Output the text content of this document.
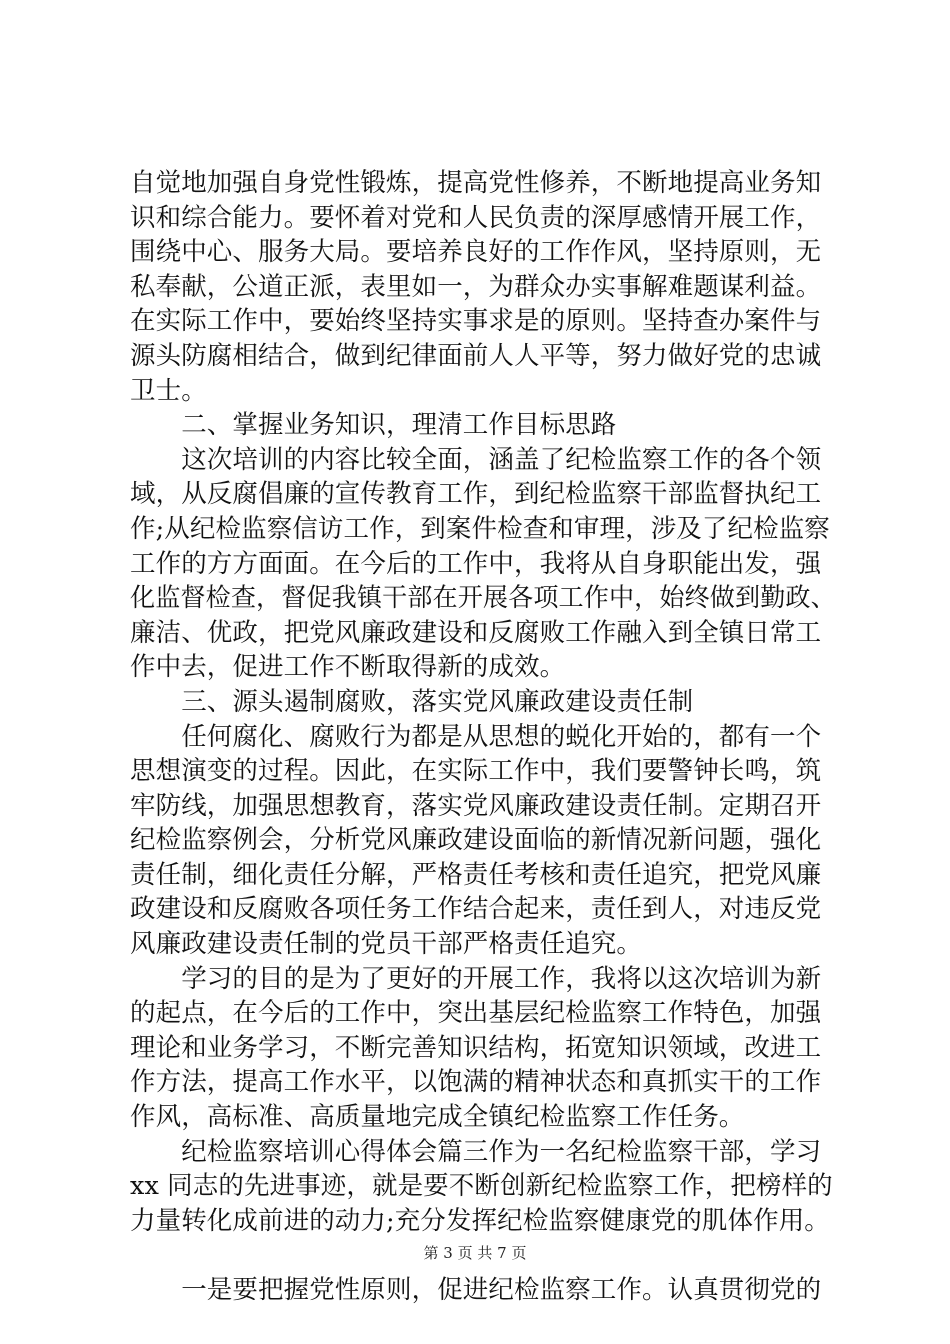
自觉地加强自身党性锻炼，提高党性修养，不断地提高业务知
识和综合能力。要怀着对党和人民负责的深厚感情开展工作，
围绕中心、服务大局。要培养良好的工作作风，坚持原则，无
私奉献，公道正派，表里如一，为群众办实事解难题谋利益。
在实际工作中，要始终坚持实事求是的原则。坚持查办案件与
源头防腐相结合，做到纪律面前人人平等，努力做好党的忠诚
卫士。
　　二、掌握业务知识，理清工作目标思路
　　这次培训的内容比较全面，涵盖了纪检监察工作的各个领
域，从反腐倡廉的宣传教育工作，到纪检监察干部监督执纪工
作;从纪检监察信访工作，到案件检查和审理，涉及了纪检监察
工作的方方面面。在今后的工作中，我将从自身职能出发，强
化监督检查，督促我镇干部在开展各项工作中，始终做到勤政、
廉洁、优政，把党风廉政建设和反腐败工作融入到全镇日常工
作中去，促进工作不断取得新的成效。
　　三、源头遏制腐败，落实党风廉政建设责任制
　　任何腐化、腐败行为都是从思想的蜕化开始的，都有一个
思想演变的过程。因此，在实际工作中，我们要警钟长鸣，筑
牢防线，加强思想教育，落实党风廉政建设责任制。定期召开
纪检监察例会，分析党风廉政建设面临的新情况新问题，强化
责任制，细化责任分解，严格责任考核和责任追究，把党风廉
政建设和反腐败各项任务工作结合起来，责任到人，对违反党
风廉政建设责任制的党员干部严格责任追究。
　　学习的目的是为了更好的开展工作，我将以这次培训为新
的起点，在今后的工作中，突出基层纪检监察工作特色，加强
理论和业务学习，不断完善知识结构，拓宽知识领域，改进工
作方法，提高工作水平，以饱满的精神状态和真抓实干的工作
作风，高标准、高质量地完成全镇纪检监察工作任务。
　　纪检监察培训心得体会篇三作为一名纪检监察干部，学习
xx 同志的先进事迹，就是要不断创新纪检监察工作，把榜样的
力量转化成前进的动力;充分发挥纪检监察健康党的肌体作用。
　　一是要把握党性原则，促进纪检监察工作。认真贯彻党的
第 3 页 共 7 页
